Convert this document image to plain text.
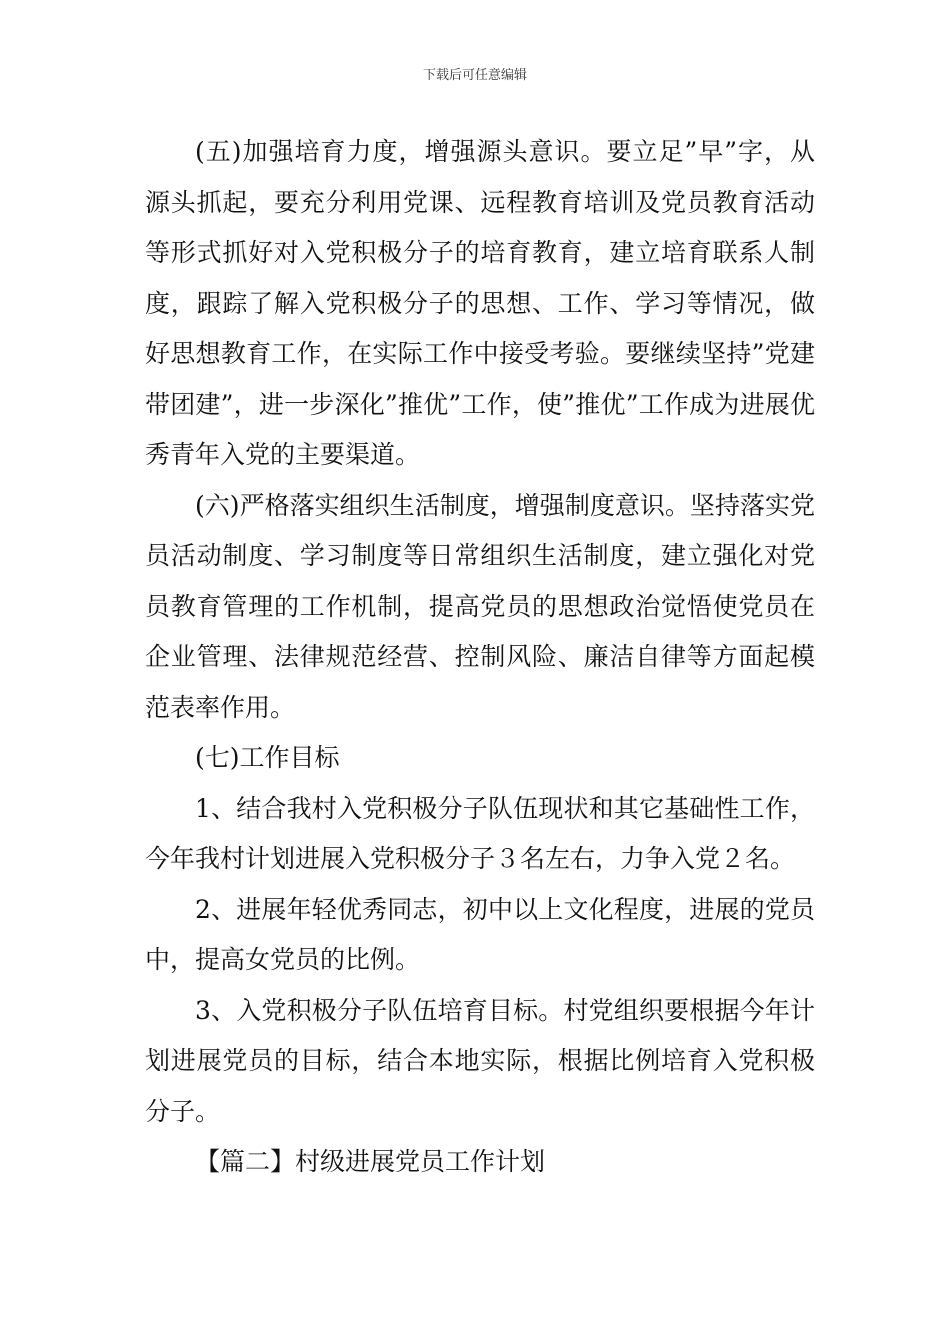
下载后可任意编辑

(五)加强培育力度，增强源头意识。要立足”早”字，从源头抓起，要充分利用党课、远程教育培训及党员教育活动等形式抓好对入党积极分子的培育教育，建立培育联系人制度，跟踪了解入党积极分子的思想、工作、学习等情况，做好思想教育工作，在实际工作中接受考验。要继续坚持”党建带团建”，进一步深化”推优”工作，使”推优”工作成为进展优秀青年入党的主要渠道。

(六)严格落实组织生活制度，增强制度意识。坚持落实党员活动制度、学习制度等日常组织生活制度，建立强化对党员教育管理的工作机制，提高党员的思想政治觉悟使党员在企业管理、法律规范经营、控制风险、廉洁自律等方面起模范表率作用。

(七)工作目标

1、结合我村入党积极分子队伍现状和其它基础性工作，今年我村计划进展入党积极分子３名左右，力争入党２名。

2、进展年轻优秀同志，初中以上文化程度，进展的党员中，提高女党员的比例。

3、入党积极分子队伍培育目标。村党组织要根据今年计划进展党员的目标，结合本地实际，根据比例培育入党积极分子。

【篇二】村级进展党员工作计划
